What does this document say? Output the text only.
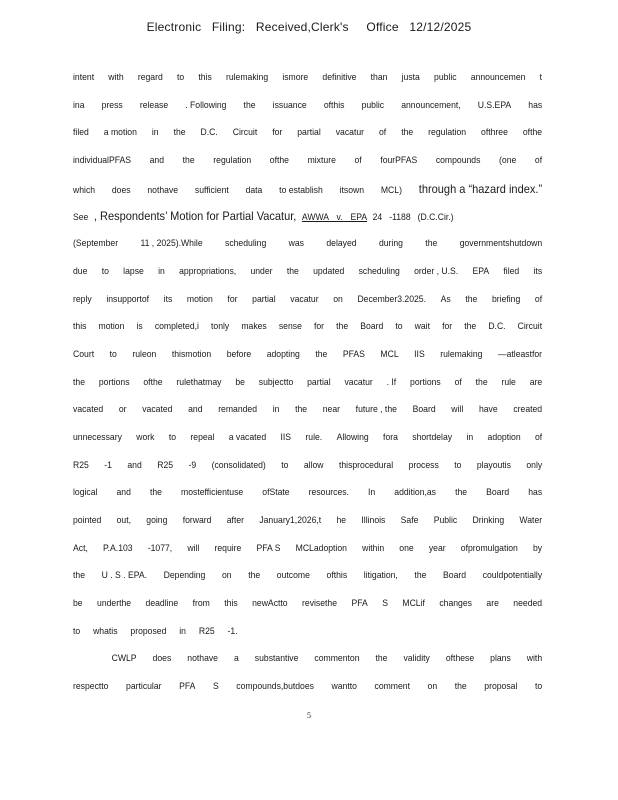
Electronic   Filing:   Received,Clerk's     Office   12/12/2025
intent with regard to this rulemaking ismore definitive than justa public announcemen t
ina press release . Following the issuance ofthis public announcement, U.S.EPA has
filed a motion in the D.C. Circuit for partial vacatur of the regulation ofthree ofthe
individualPFAS and the regulation ofthe mixture of fourPFAS compounds (one of
which does nothave sufficient data to establish itsown MCL) through a “hazard index.”
See , Respondents’ Motion for Partial Vacatur, AWWA v. EPA 24 -1188 (D.C.Cir.)
(September 11 , 2025).While scheduling was delayed during the governmentshutdown
due to lapse in appropriations, under the updated scheduling order , U.S. EPA filed its
reply insupportof its motion for partial vacatur on December3.2025. As the briefing of
this motion is completed,i tonly makes sense for the Board to wait for the D.C. Circuit
Court to ruleon thismotion before adopting the PFAS MCL IIS rulemaking —atleastfor
the portions ofthe rulethatmay be subjectto partial vacatur . If portions of the rule are
vacated or vacated and remanded in the near future , the Board will have created
unnecessary work to repeal a vacated IIS rule. Allowing fora shortdelay in adoption of
R25 -1 and R25 -9 (consolidated) to allow thisprocedural process to playoutis only
logical and the mostefficientuse ofState resources. In addition,as the Board has
pointed out, going forward after January1,2026,t he Illinois Safe Public Drinking Water
Act, P.A.103 -1077, will require PFA S MCLadoption within one year ofpromulgation by
the U . S . EPA. Depending on the outcome ofthis litigation, the Board couldpotentially
be underthe deadline from this newActto revisethe PFA S MCLif changes are needed
to whatis proposed in R25 -1.
CWLP does nothave a substantive commenton the validity ofthese plans with
respectto particular PFA S compounds,butdoes wantto comment on the proposal to
5
